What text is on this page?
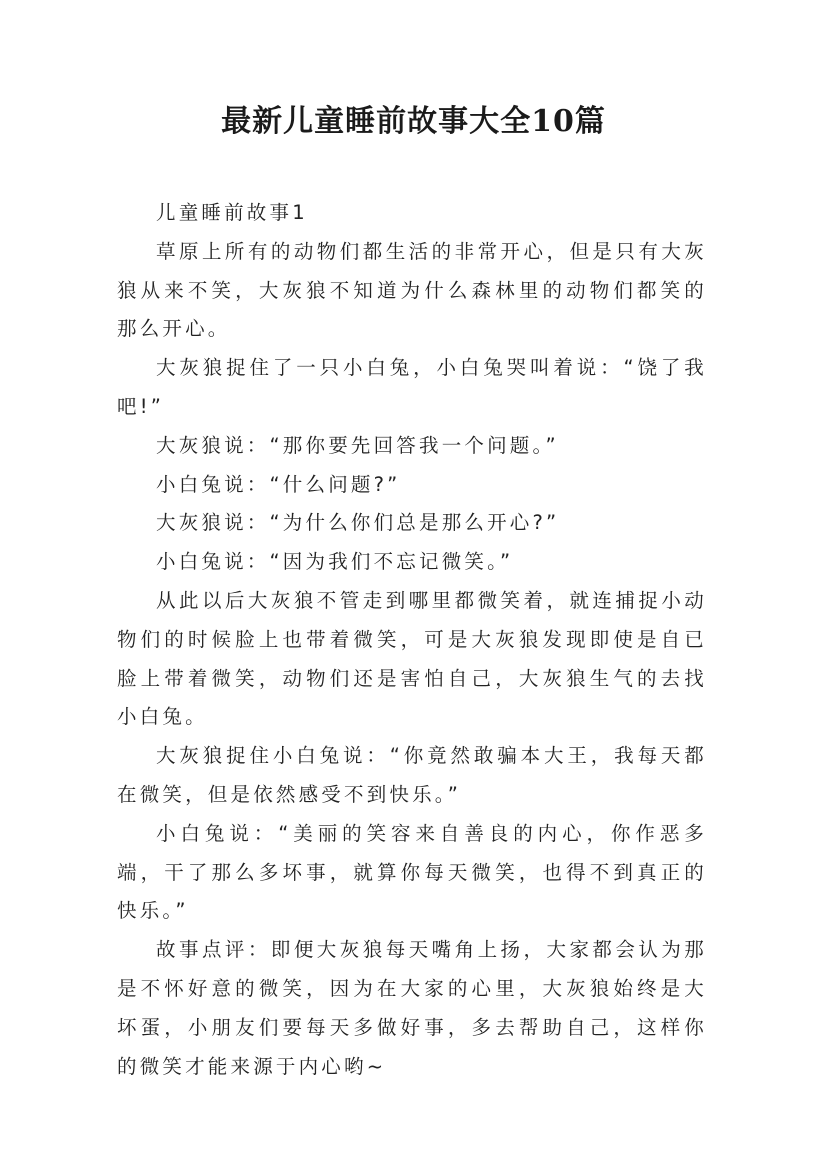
最新儿童睡前故事大全10篇

儿童睡前故事1

草原上所有的动物们都生活的非常开心，但是只有大灰狼从来不笑，大灰狼不知道为什么森林里的动物们都笑的那么开心。

大灰狼捉住了一只小白兔，小白兔哭叫着说：“饶了我吧!”

大灰狼说：“那你要先回答我一个问题。”

小白兔说：“什么问题?”

大灰狼说：“为什么你们总是那么开心?”

小白兔说：“因为我们不忘记微笑。”

从此以后大灰狼不管走到哪里都微笑着，就连捕捉小动物们的时候脸上也带着微笑，可是大灰狼发现即使是自已脸上带着微笑，动物们还是害怕自己，大灰狼生气的去找小白兔。

大灰狼捉住小白兔说：“你竟然敢骗本大王，我每天都在微笑，但是依然感受不到快乐。”

小白兔说：“美丽的笑容来自善良的内心，你作恶多端，干了那么多坏事，就算你每天微笑，也得不到真正的快乐。”

故事点评：即便大灰狼每天嘴角上扬，大家都会认为那是不怀好意的微笑，因为在大家的心里，大灰狼始终是大坏蛋，小朋友们要每天多做好事，多去帮助自己，这样你的微笑才能来源于内心哟~
